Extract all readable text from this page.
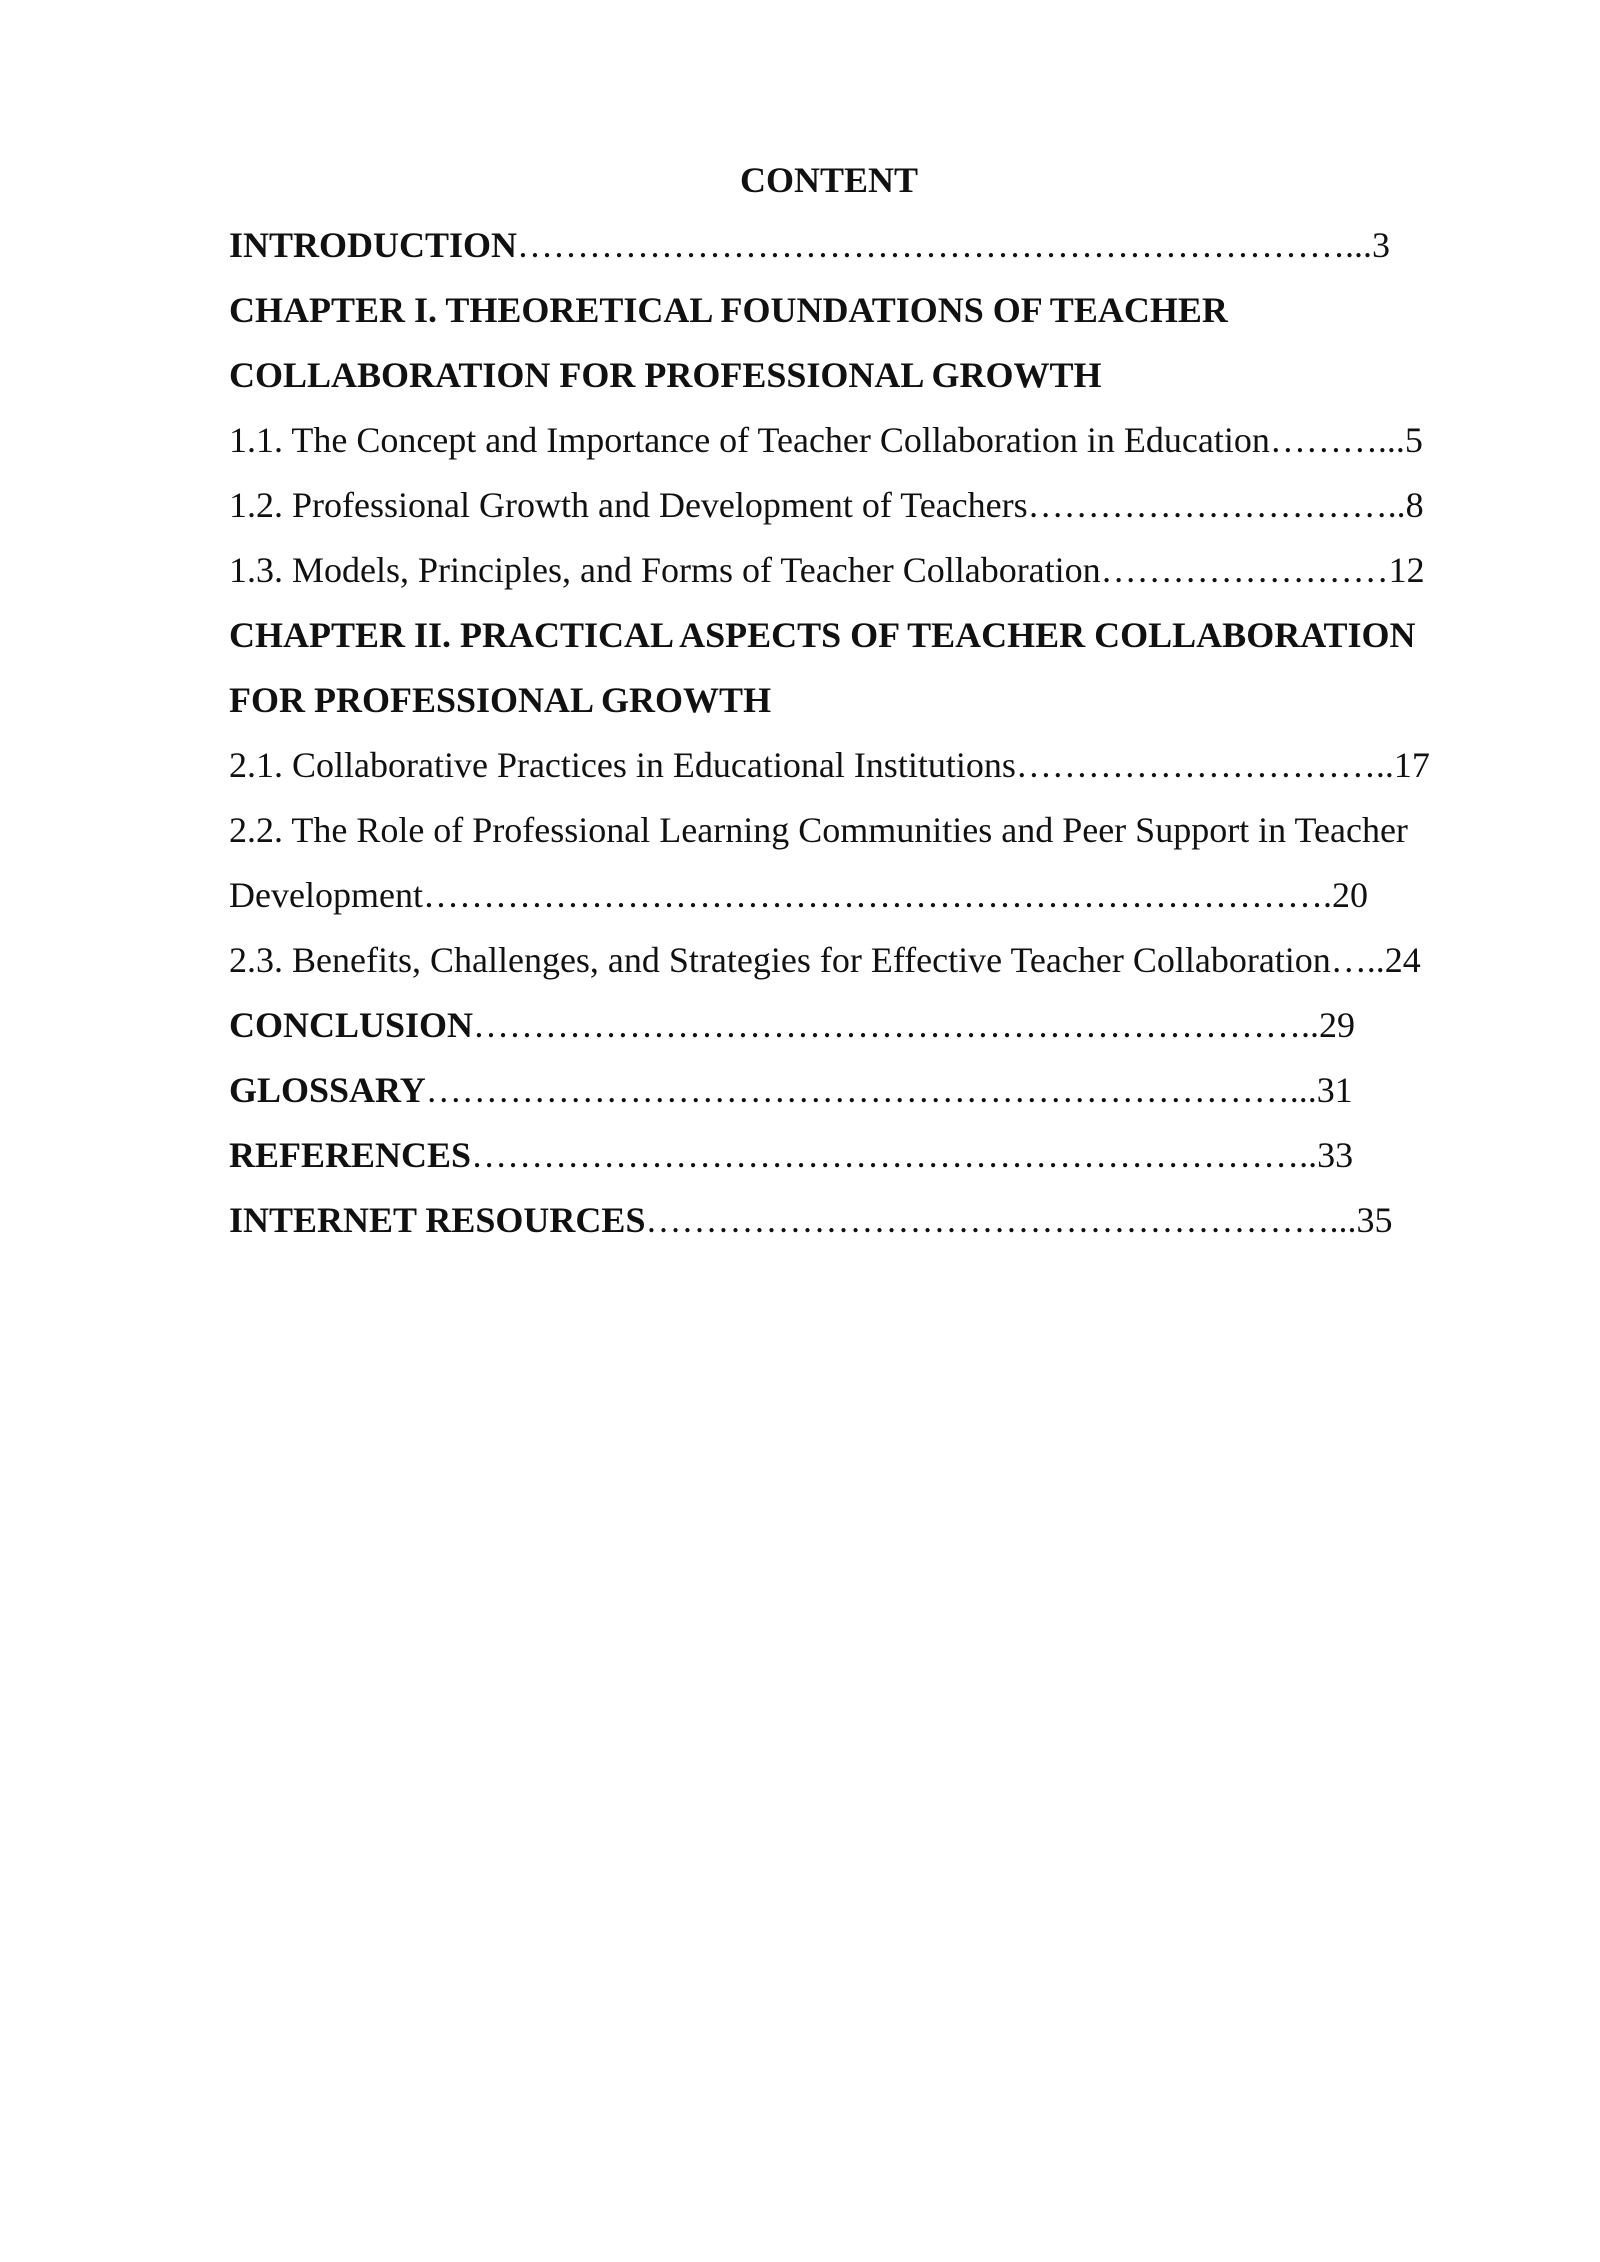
CONTENT
INTRODUCTION……………………………………………………………...3
CHAPTER I. THEORETICAL FOUNDATIONS OF TEACHER
COLLABORATION FOR PROFESSIONAL GROWTH
1.1. The Concept and Importance of Teacher Collaboration in Education………...5
1.2. Professional Growth and Development of Teachers…………………………..8
1.3. Models, Principles, and Forms of Teacher Collaboration……………………12
CHAPTER II. PRACTICAL ASPECTS OF TEACHER COLLABORATION
FOR PROFESSIONAL GROWTH
2.1. Collaborative Practices in Educational Institutions…………………………..17
2.2. The Role of Professional Learning Communities and Peer Support in Teacher
Development………………………………………………………………….20
2.3. Benefits, Challenges, and Strategies for Effective Teacher Collaboration…..24
CONCLUSION……………………………………………………………..29
GLOSSARY………………………………………………………………...31
REFERENCES……………………………………………………………..33
INTERNET RESOURCES…………………………………………………...35
